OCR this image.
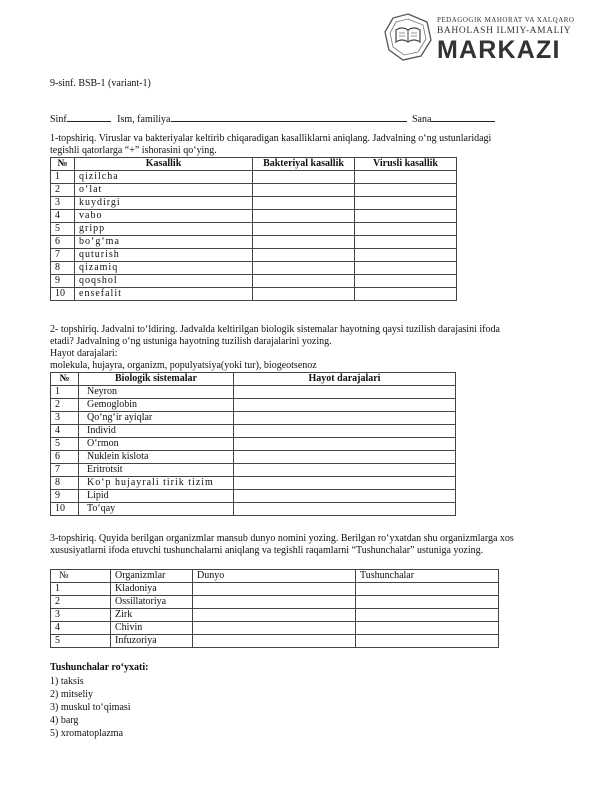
PEDAGOGIK MAHORAT VA XALQARO
BAHOLASH ILMIY-AMALIY
MARKAZI
9-sinf. BSB-1 (variant-1)
Sinf	Ism, familiya	Sana
1-topshiriq. Viruslar va bakteriyalar keltirib chiqaradigan kasalliklarni aniqlang. Jadvalning o‘ng ustunlaridagi
tegishli qatorlarga “+” ishorasini qo‘ying.
№	Kasallik	Bakteriyal kasallik	Virusli kasallik
1	qizilcha		
2	o‘lat		
3	kuydirgi		
4	vabo		
5	gripp		
6	bo‘g‘ma		
7	quturish		
8	qizamiq		
9	qoqshol		
10	ensefalit		
2- topshiriq. Jadvalni to‘ldiring. Jadvalda keltirilgan biologik sistemalar hayotning qaysi tuzilish darajasini ifoda
etadi? Jadvalning o‘ng ustuniga hayotning tuzilish darajalarini yozing.
Hayot darajalari:
molekula, hujayra, organizm, populyatsiya(yoki tur), biogeotsenoz
№	Biologik sistemalar	Hayot darajalari
1	Neyron	
2	Gemoglobin	
3	Qo‘ng‘ir ayiqlar	
4	Individ	
5	O‘rmon	
6	Nuklein kislota	
7	Eritrotsit	
8	Ko‘p hujayrali tirik tizim	
9	Lipid	
10	To‘qay	
3-topshiriq. Quyida berilgan organizmlar mansub dunyo nomini yozing. Berilgan ro‘yxatdan shu organizmlarga xos
xususiyatlarni ifoda etuvchi tushunchalarni aniqlang va tegishli raqamlarni “Tushunchalar” ustuniga yozing.
№	Organizmlar	Dunyo	Tushunchalar
1	Kladoniya		
2	Ossillatoriya		
3	Zirk		
4	Chivin		
5	Infuzoriya		
Tushunchalar ro‘yxati:
1) taksis
2) mitseliy
3) muskul to‘qimasi
4) barg
5) xromatoplazma
